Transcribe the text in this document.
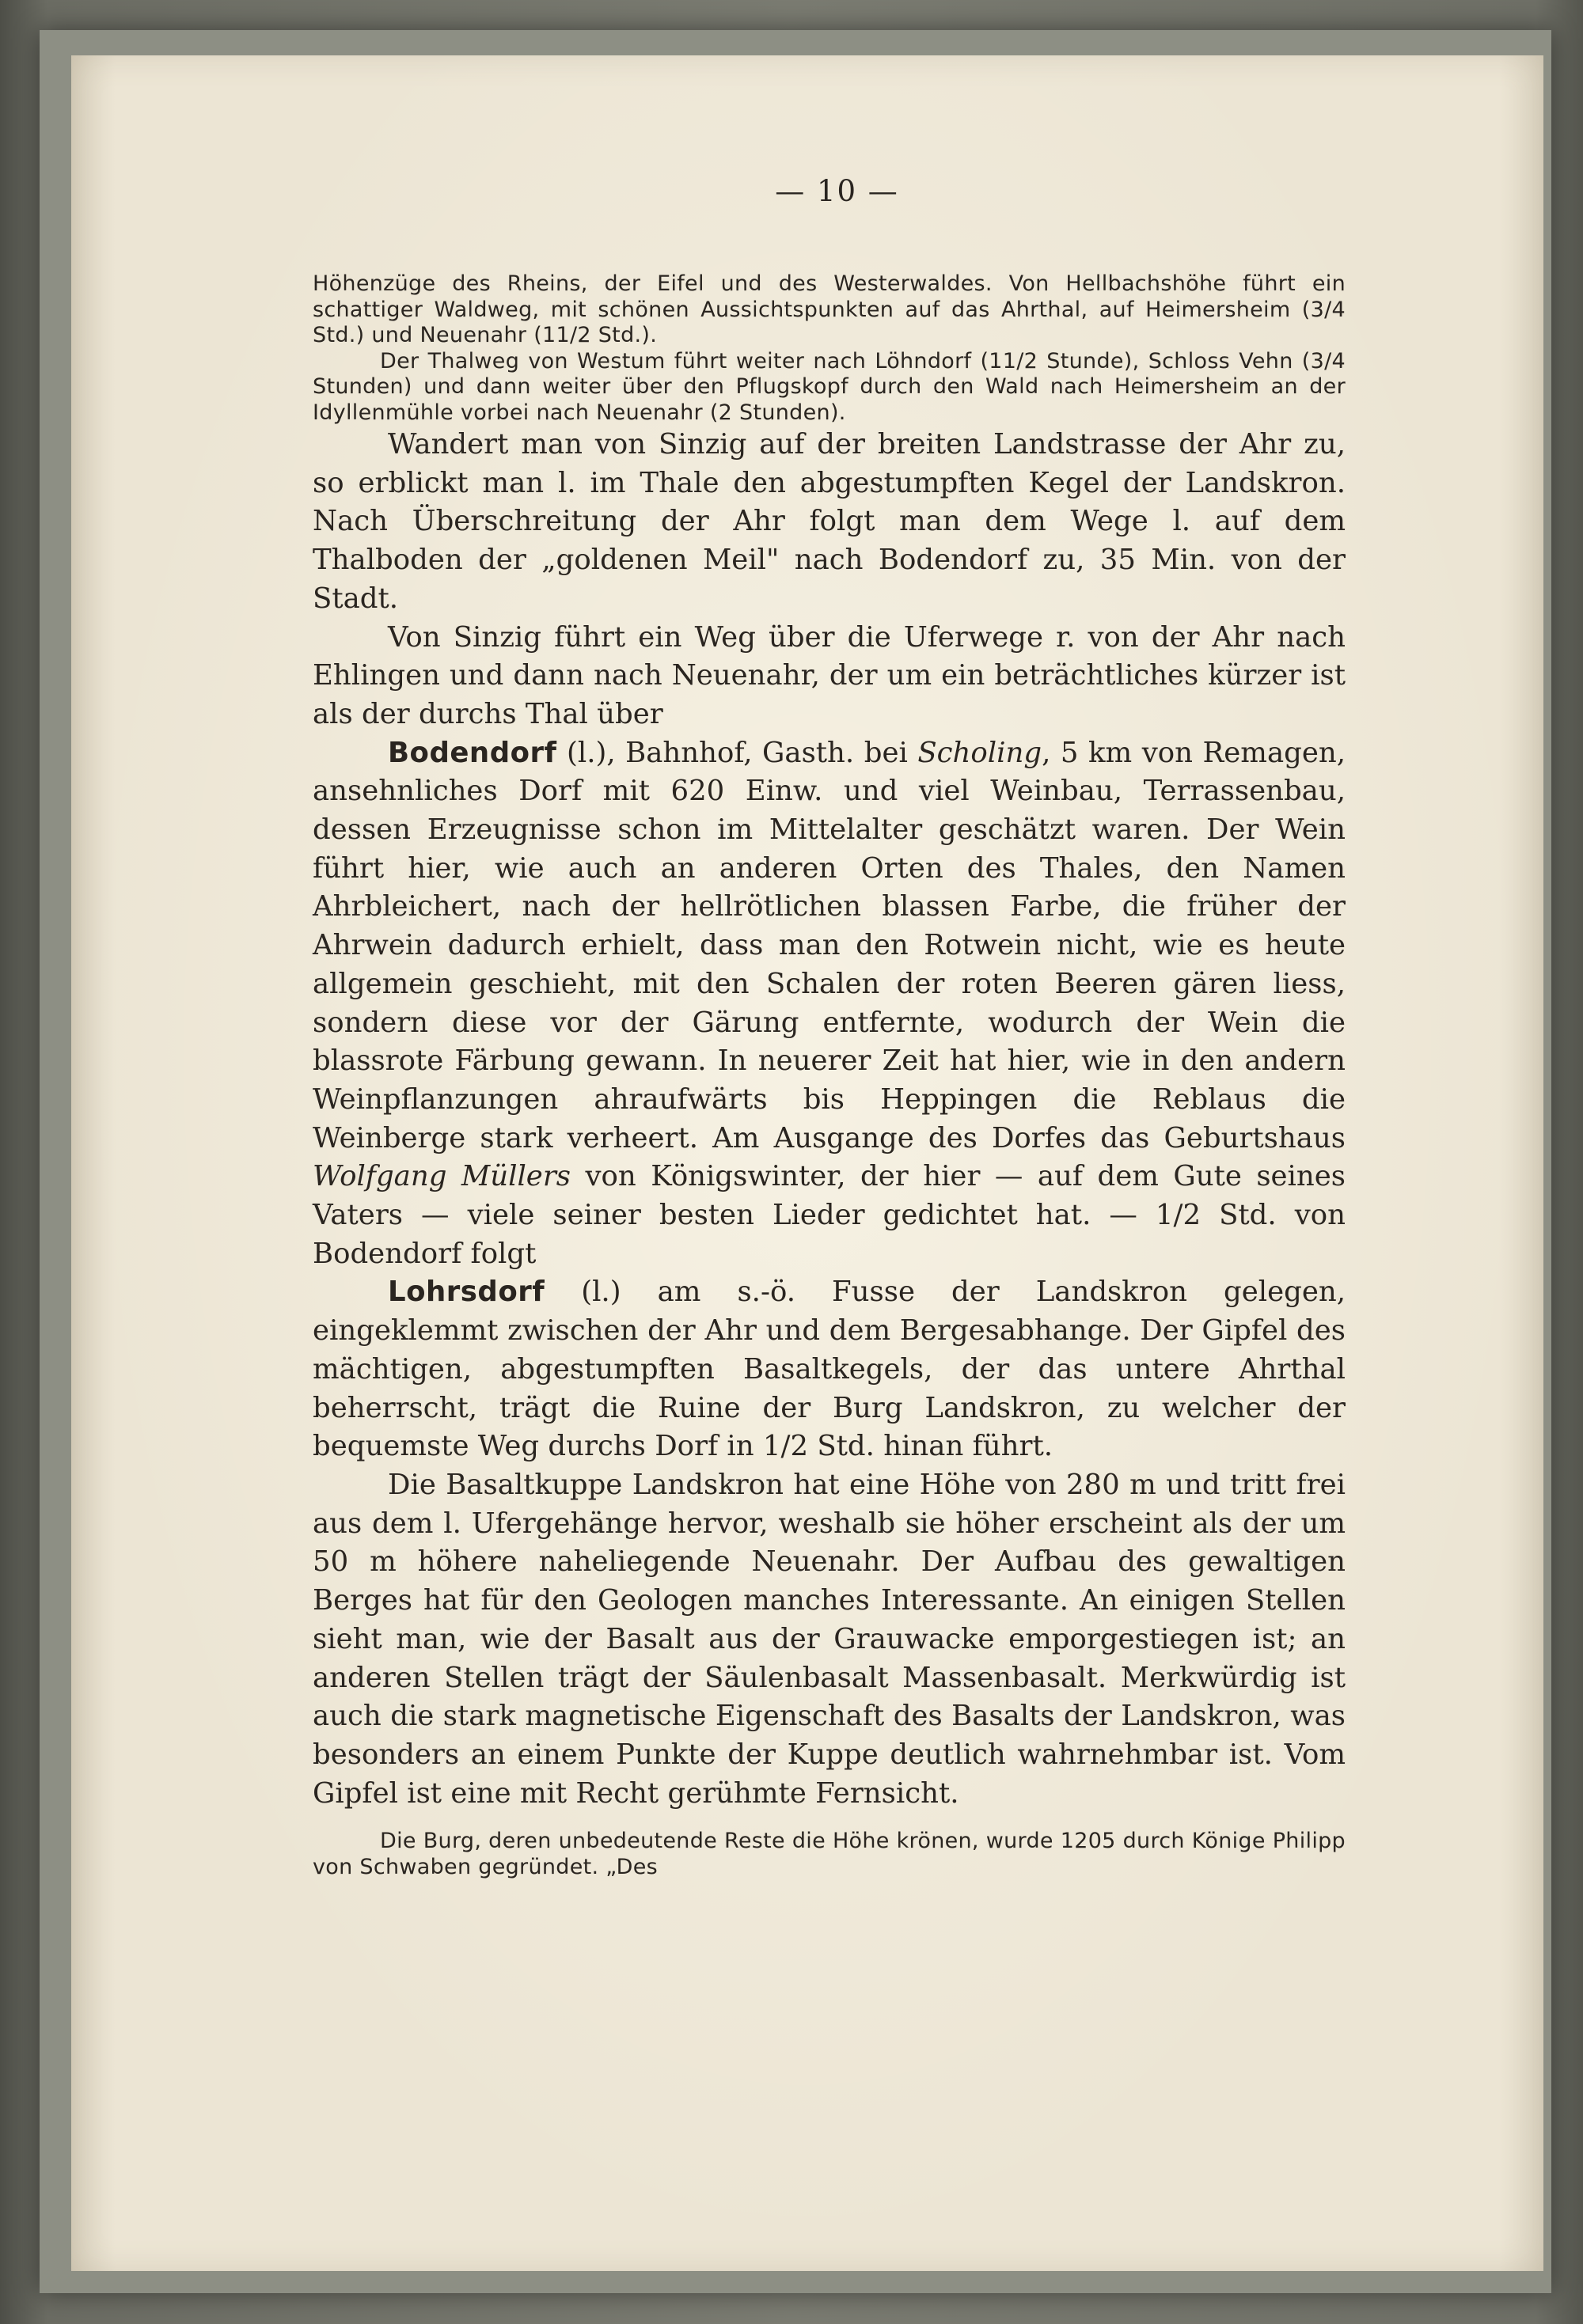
— 10 —

Höhenzüge des Rheins, der Eifel und des Westerwaldes. Von Hellbachshöhe führt ein schattiger Waldweg, mit schönen Aussichtspunkten auf das Ahrthal, auf Heimersheim (3/4 Std.) und Neuenahr (11/2 Std.).

Der Thalweg von Westum führt weiter nach Löhndorf (11/2 Stunde), Schloss Vehn (3/4 Stunden) und dann weiter über den Pflugskopf durch den Wald nach Heimersheim an der Idyllenmühle vorbei nach Neuenahr (2 Stunden).

Wandert man von Sinzig auf der breiten Landstrasse der Ahr zu, so erblickt man l. im Thale den abgestumpften Kegel der Landskron. Nach Überschreitung der Ahr folgt man dem Wege l. auf dem Thalboden der „goldenen Meil" nach Bodendorf zu, 35 Min. von der Stadt.

Von Sinzig führt ein Weg über die Uferwege r. von der Ahr nach Ehlingen und dann nach Neuenahr, der um ein beträchtliches kürzer ist als der durchs Thal über

Bodendorf (l.), Bahnhof, Gasth. bei Scholing, 5 km von Remagen, ansehnliches Dorf mit 620 Einw. und viel Weinbau, Terrassenbau, dessen Erzeugnisse schon im Mittelalter geschätzt waren. Der Wein führt hier, wie auch an anderen Orten des Thales, den Namen Ahrbleichert, nach der hellrötlichen blassen Farbe, die früher der Ahrwein dadurch erhielt, dass man den Rotwein nicht, wie es heute allgemein geschieht, mit den Schalen der roten Beeren gären liess, sondern diese vor der Gärung entfernte, wodurch der Wein die blassrote Färbung gewann. In neuerer Zeit hat hier, wie in den andern Weinpflanzungen ahraufwärts bis Heppingen die Reblaus die Weinberge stark verheert. Am Ausgange des Dorfes das Geburtshaus Wolfgang Müllers von Königswinter, der hier — auf dem Gute seines Vaters — viele seiner besten Lieder gedichtet hat. — 1/2 Std. von Bodendorf folgt

Lohrsdorf (l.) am s.-ö. Fusse der Landskron gelegen, eingeklemmt zwischen der Ahr und dem Bergesabhange. Der Gipfel des mächtigen, abgestumpften Basaltkegels, der das untere Ahrthal beherrscht, trägt die Ruine der Burg Landskron, zu welcher der bequemste Weg durchs Dorf in 1/2 Std. hinan führt.

Die Basaltkuppe Landskron hat eine Höhe von 280 m und tritt frei aus dem l. Ufergehänge hervor, weshalb sie höher erscheint als der um 50 m höhere naheliegende Neuenahr. Der Aufbau des gewaltigen Berges hat für den Geologen manches Interessante. An einigen Stellen sieht man, wie der Basalt aus der Grauwacke emporgestiegen ist; an anderen Stellen trägt der Säulenbasalt Massenbasalt. Merkwürdig ist auch die stark magnetische Eigenschaft des Basalts der Landskron, was besonders an einem Punkte der Kuppe deutlich wahrnehmbar ist. Vom Gipfel ist eine mit Recht gerühmte Fernsicht.

Die Burg, deren unbedeutende Reste die Höhe krönen, wurde 1205 durch Könige Philipp von Schwaben gegründet. „Des
